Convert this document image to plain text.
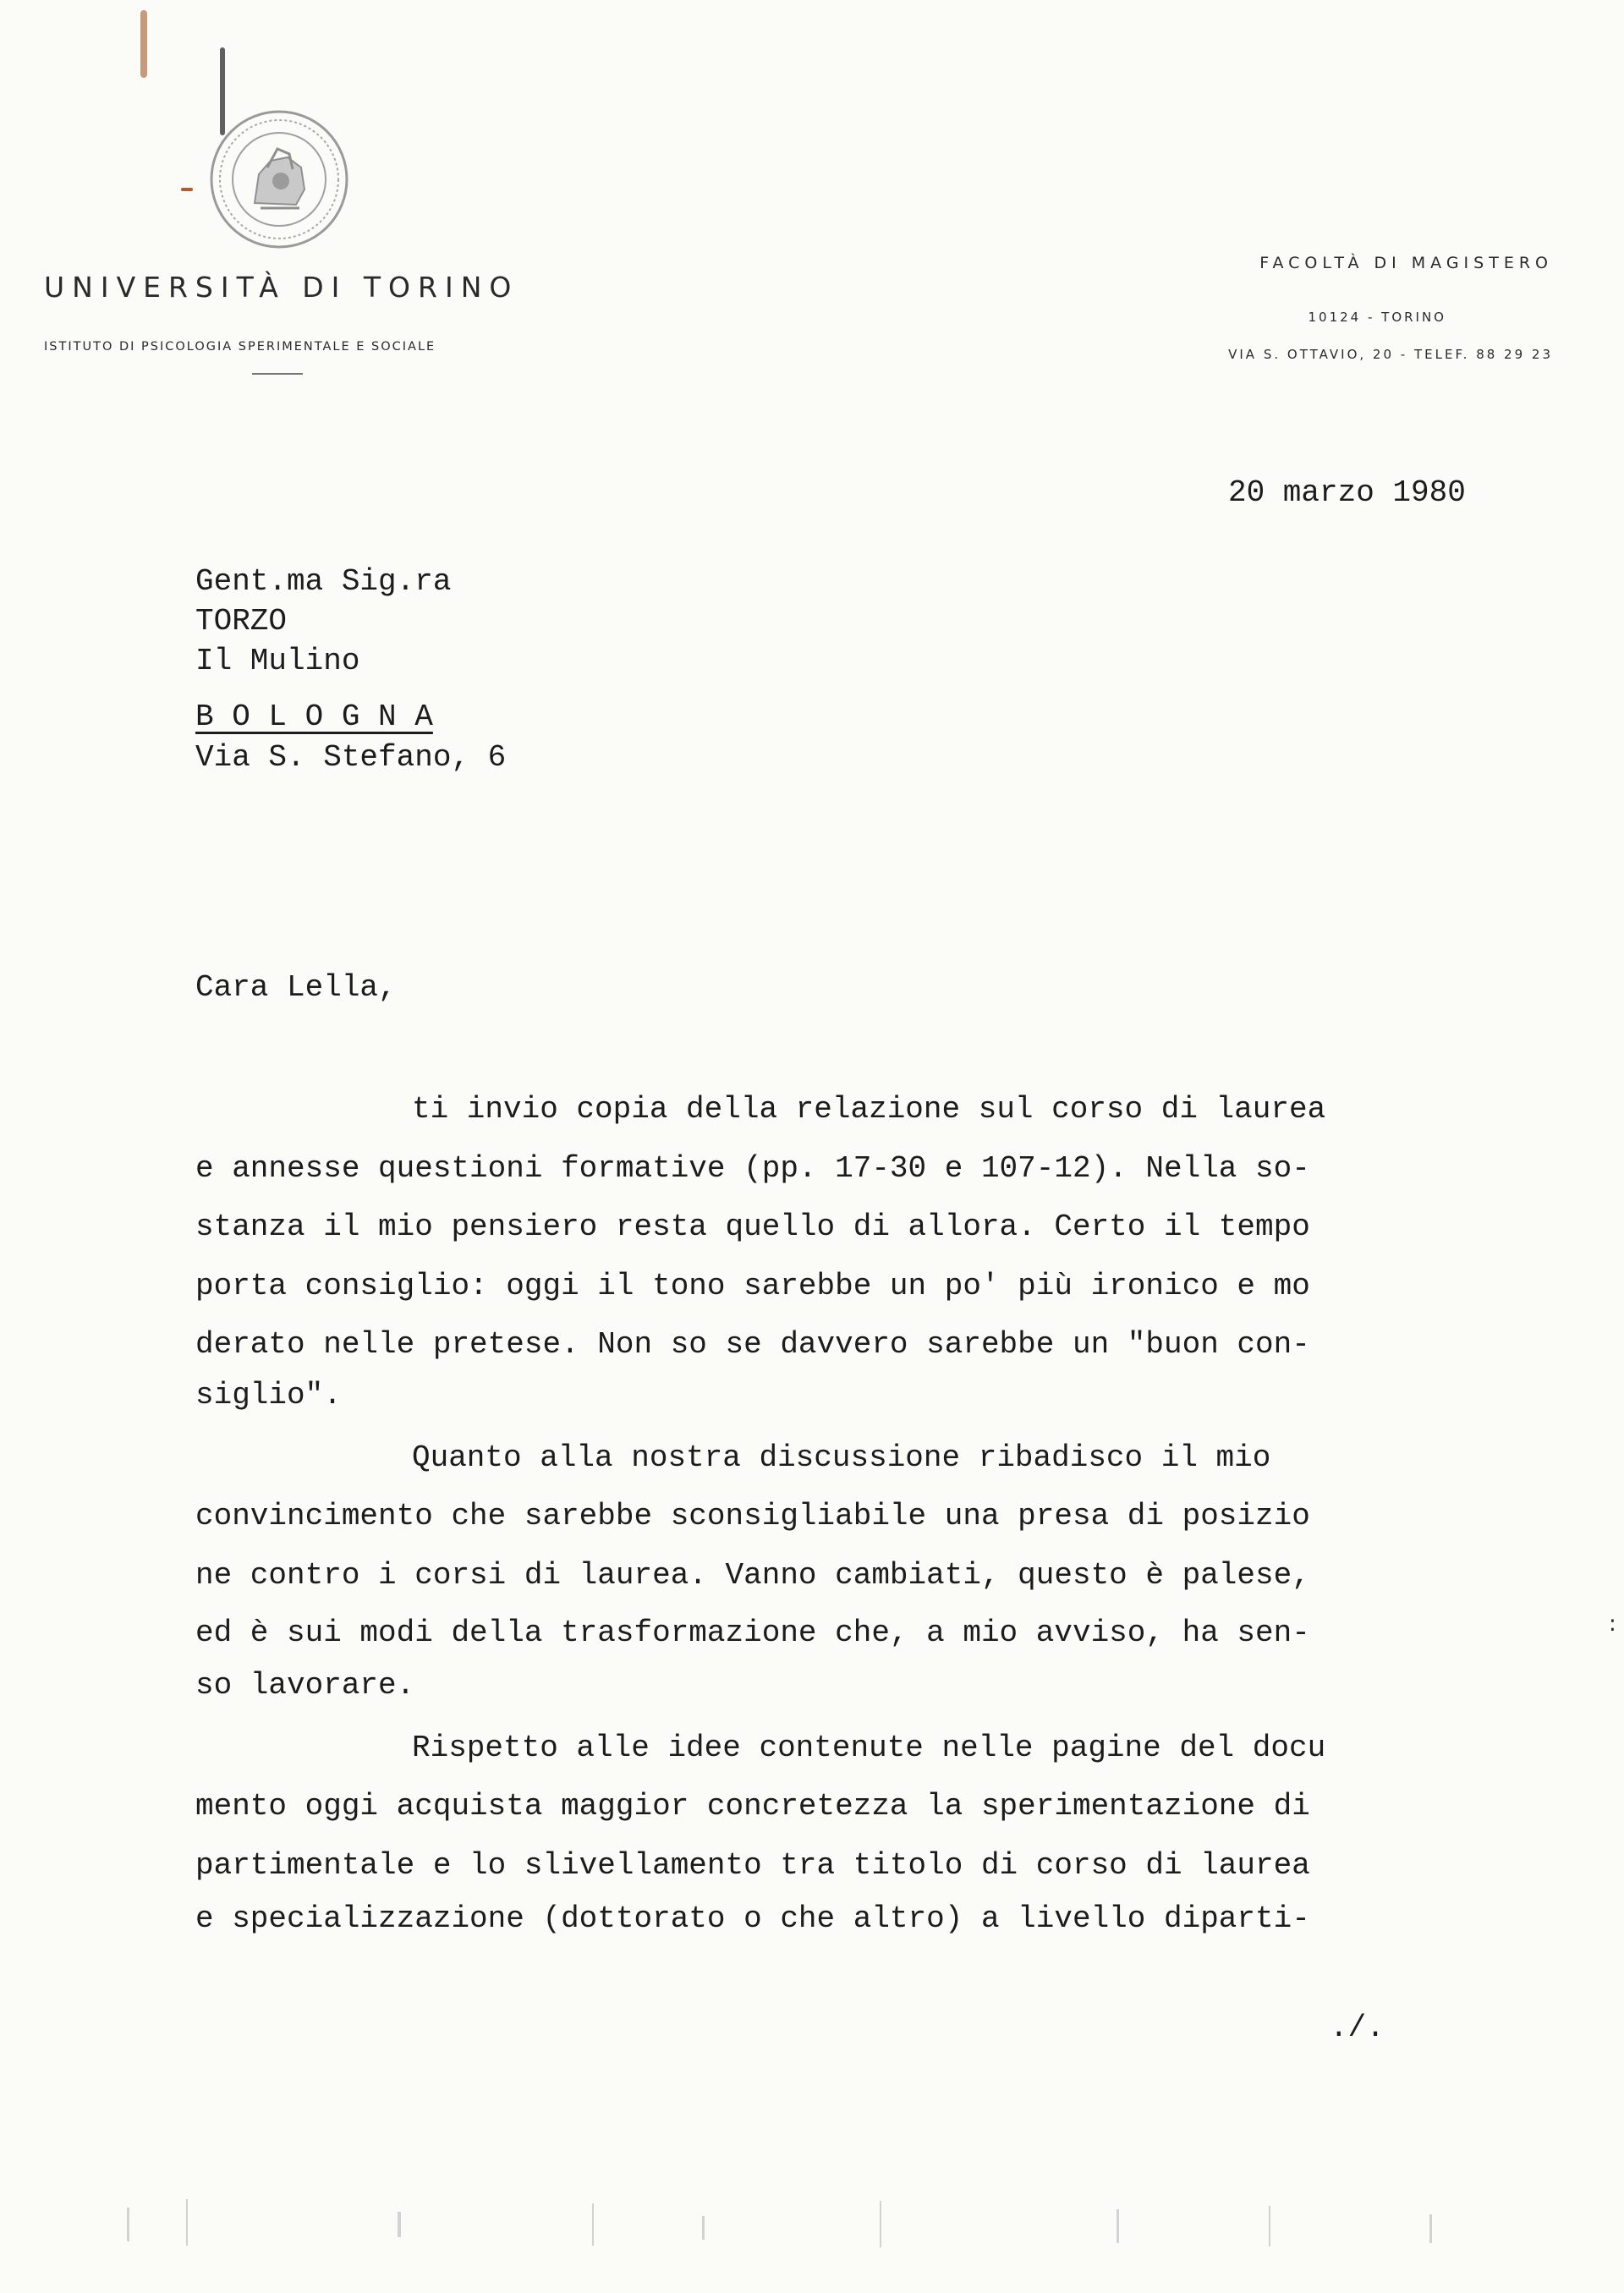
UNIVERSITÀ DI TORINO
ISTITUTO DI PSICOLOGIA SPERIMENTALE E SOCIALE
FACOLTÀ DI MAGISTERO
10124 - TORINO
VIA S. OTTAVIO, 20 - TELEF. 88 29 23
20 marzo 1980
Gent.ma Sig.ra
TORZO
Il Mulino
B O L O G N A
Via S. Stefano, 6
Cara Lella,
ti invio copia della relazione sul corso di laurea
e annesse questioni formative (pp. 17-30 e 107-12). Nella so-
stanza il mio pensiero resta quello di allora. Certo il tempo
porta consiglio: oggi il tono sarebbe un po' più ironico e mo
derato nelle pretese. Non so se davvero sarebbe un "buon con-
siglio".
Quanto alla nostra discussione ribadisco il mio
convincimento che sarebbe sconsigliabile una presa di posizio
ne contro i corsi di laurea. Vanno cambiati, questo è palese,
ed è sui modi della trasformazione che, a mio avviso, ha sen-
so lavorare.
Rispetto alle idee contenute nelle pagine del docu
mento oggi acquista maggior concretezza la sperimentazione di
partimentale e lo slivellamento tra titolo di corso di laurea
e specializzazione (dottorato o che altro) a livello diparti-
./.
:
